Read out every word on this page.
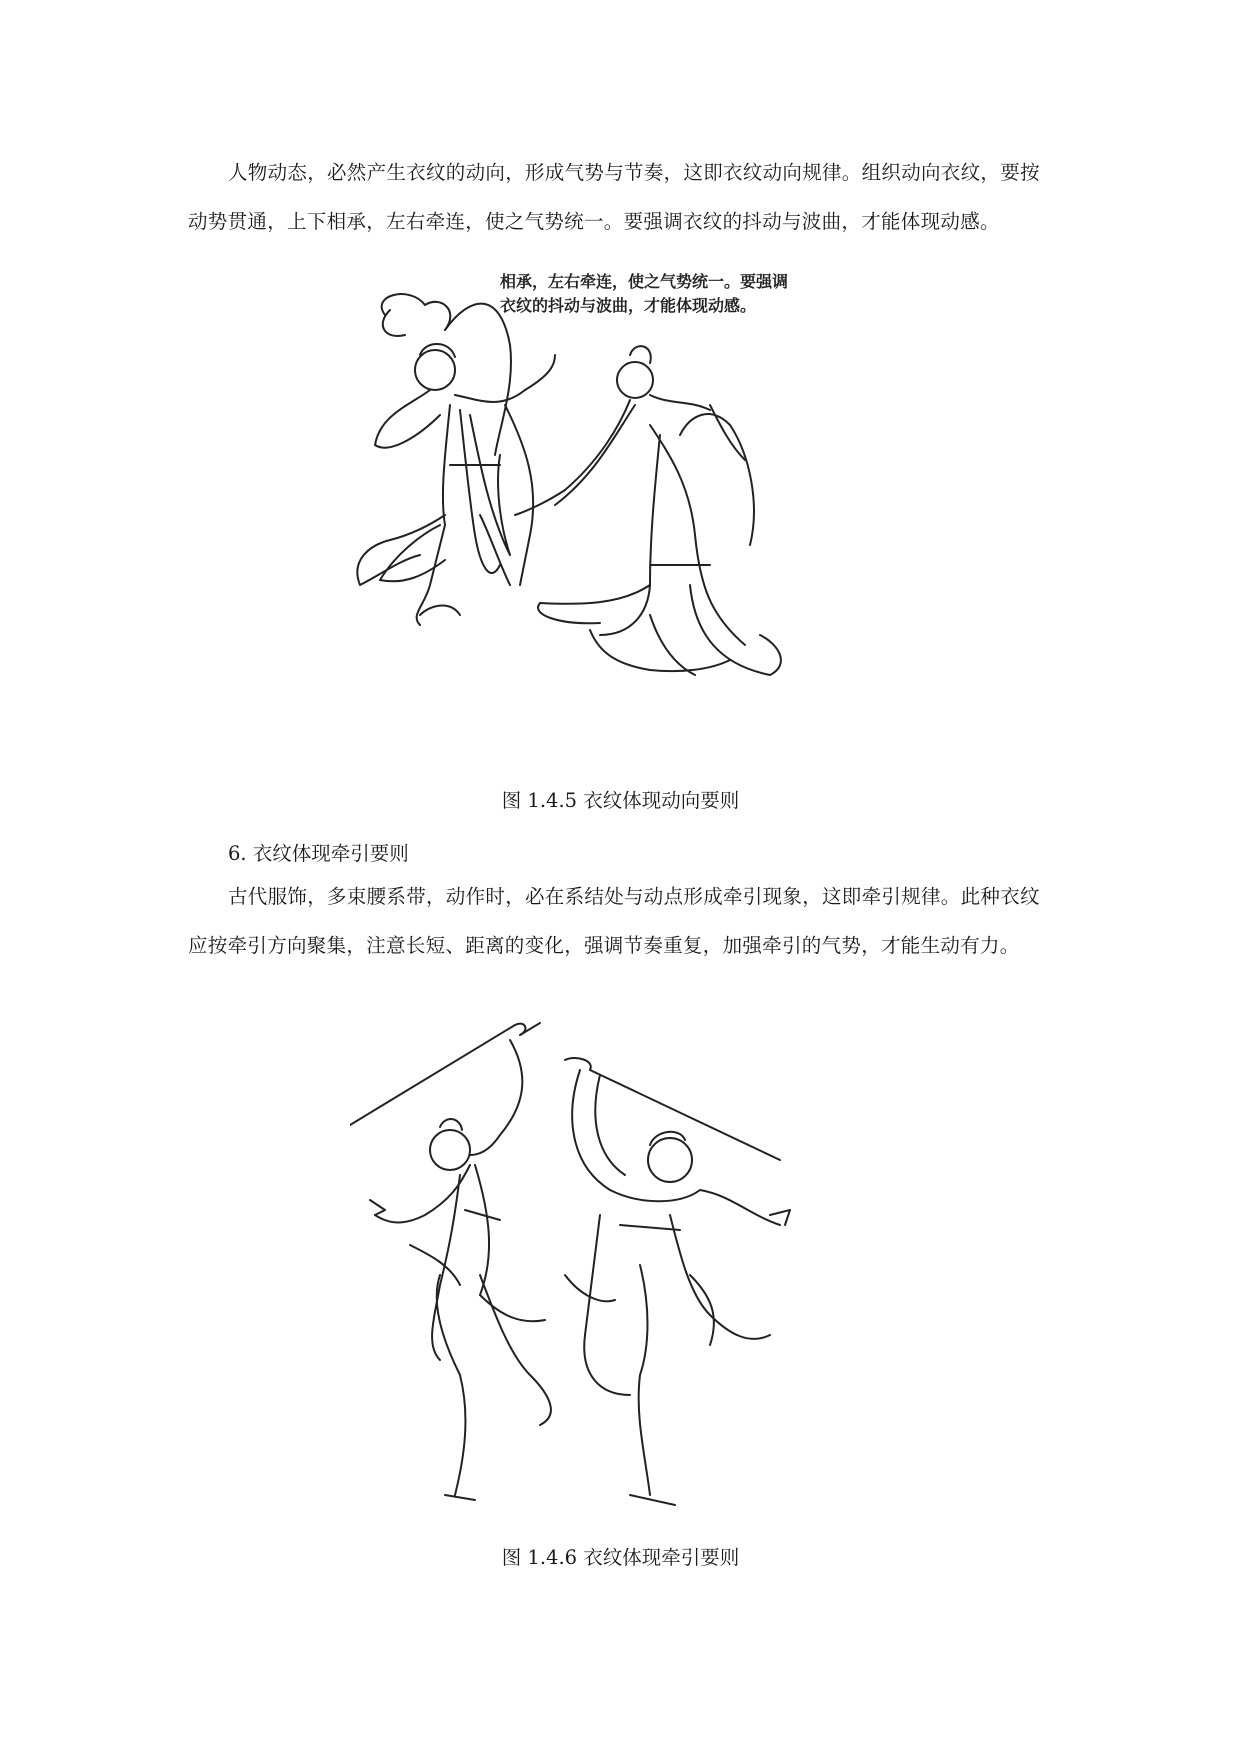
人物动态，必然产生衣纹的动向，形成气势与节奏，这即衣纹动向规律。组织动向衣纹，要按动势贯通，上下相承，左右牵连，使之气势统一。要强调衣纹的抖动与波曲，才能体现动感。

相承，左右牵连，使之气势统一。要强调
衣纹的抖动与波曲，才能体现动感。

图 1.4.5 衣纹体现动向要则

6. 衣纹体现牵引要则

古代服饰，多束腰系带，动作时，必在系结处与动点形成牵引现象，这即牵引规律。此种衣纹应按牵引方向聚集，注意长短、距离的变化，强调节奏重复，加强牵引的气势，才能生动有力。

图 1.4.6 衣纹体现牵引要则
